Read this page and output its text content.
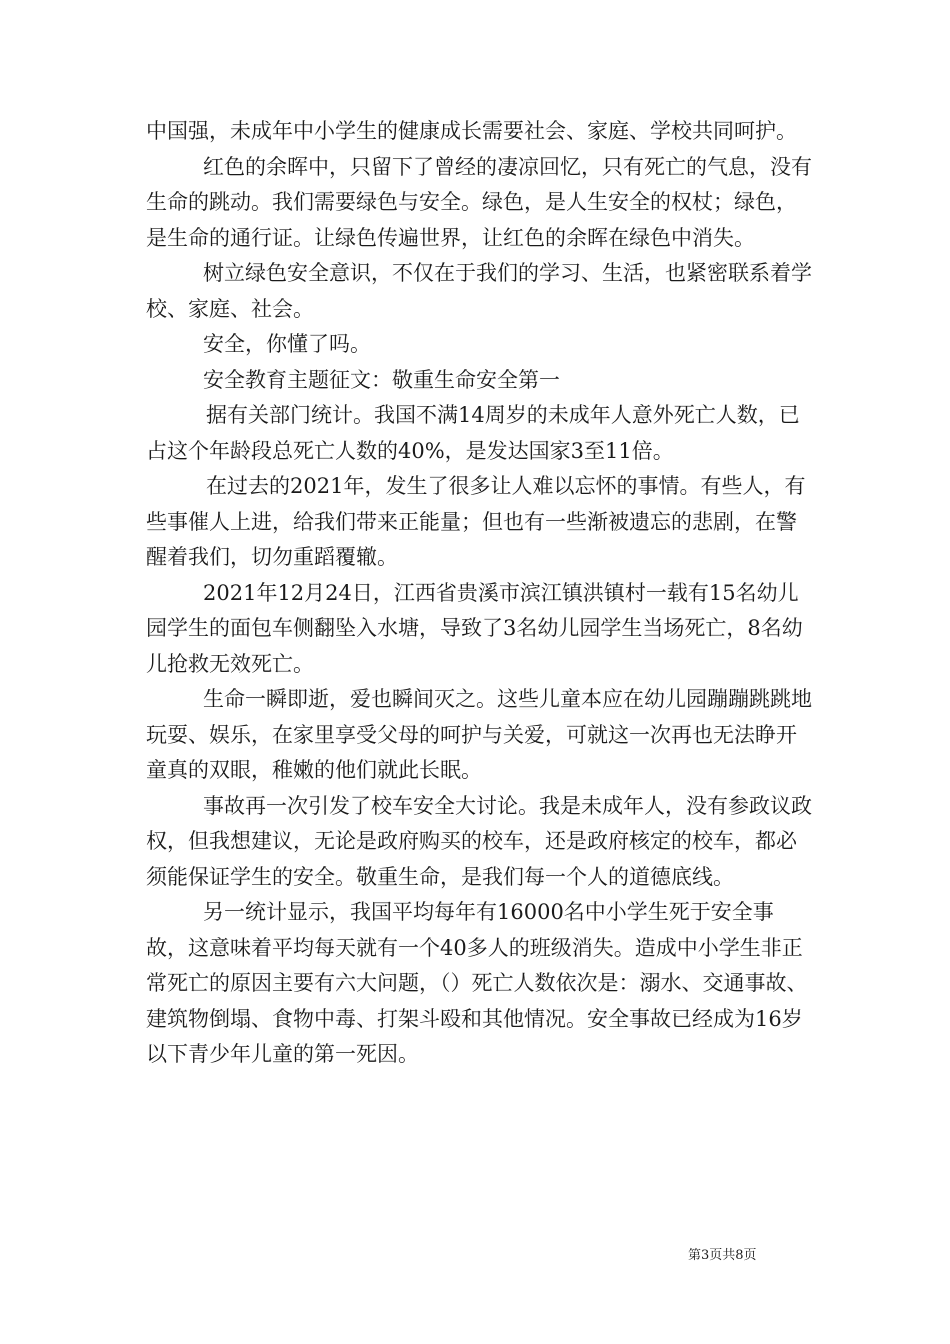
中国强，未成年中小学生的健康成长需要社会、家庭、学校共同呵护。

红色的余晖中，只留下了曾经的凄凉回忆，只有死亡的气息，没有生命的跳动。我们需要绿色与安全。绿色，是人生安全的权杖；绿色，是生命的通行证。让绿色传遍世界，让红色的余晖在绿色中消失。

树立绿色安全意识，不仅在于我们的学习、生活，也紧密联系着学校、家庭、社会。

安全，你懂了吗。

安全教育主题征文：敬重生命安全第一

据有关部门统计。我国不满14周岁的未成年人意外死亡人数，已占这个年龄段总死亡人数的40%，是发达国家3至11倍。

在过去的2021年，发生了很多让人难以忘怀的事情。有些人，有些事催人上进，给我们带来正能量；但也有一些渐被遗忘的悲剧，在警醒着我们，切勿重蹈覆辙。

2021年12月24日，江西省贵溪市滨江镇洪镇村一载有15名幼儿园学生的面包车侧翻坠入水塘，导致了3名幼儿园学生当场死亡，8名幼儿抢救无效死亡。

生命一瞬即逝，爱也瞬间灭之。这些儿童本应在幼儿园蹦蹦跳跳地玩耍、娱乐，在家里享受父母的呵护与关爱，可就这一次再也无法睁开童真的双眼，稚嫩的他们就此长眠。

事故再一次引发了校车安全大讨论。我是未成年人，没有参政议政权，但我想建议，无论是政府购买的校车，还是政府核定的校车，都必须能保证学生的安全。敬重生命，是我们每一个人的道德底线。

另一统计显示，我国平均每年有16000名中小学生死于安全事故，这意味着平均每天就有一个40多人的班级消失。造成中小学生非正常死亡的原因主要有六大问题，（）死亡人数依次是：溺水、交通事故、建筑物倒塌、食物中毒、打架斗殴和其他情况。安全事故已经成为16岁以下青少年儿童的第一死因。

第3页共8页
